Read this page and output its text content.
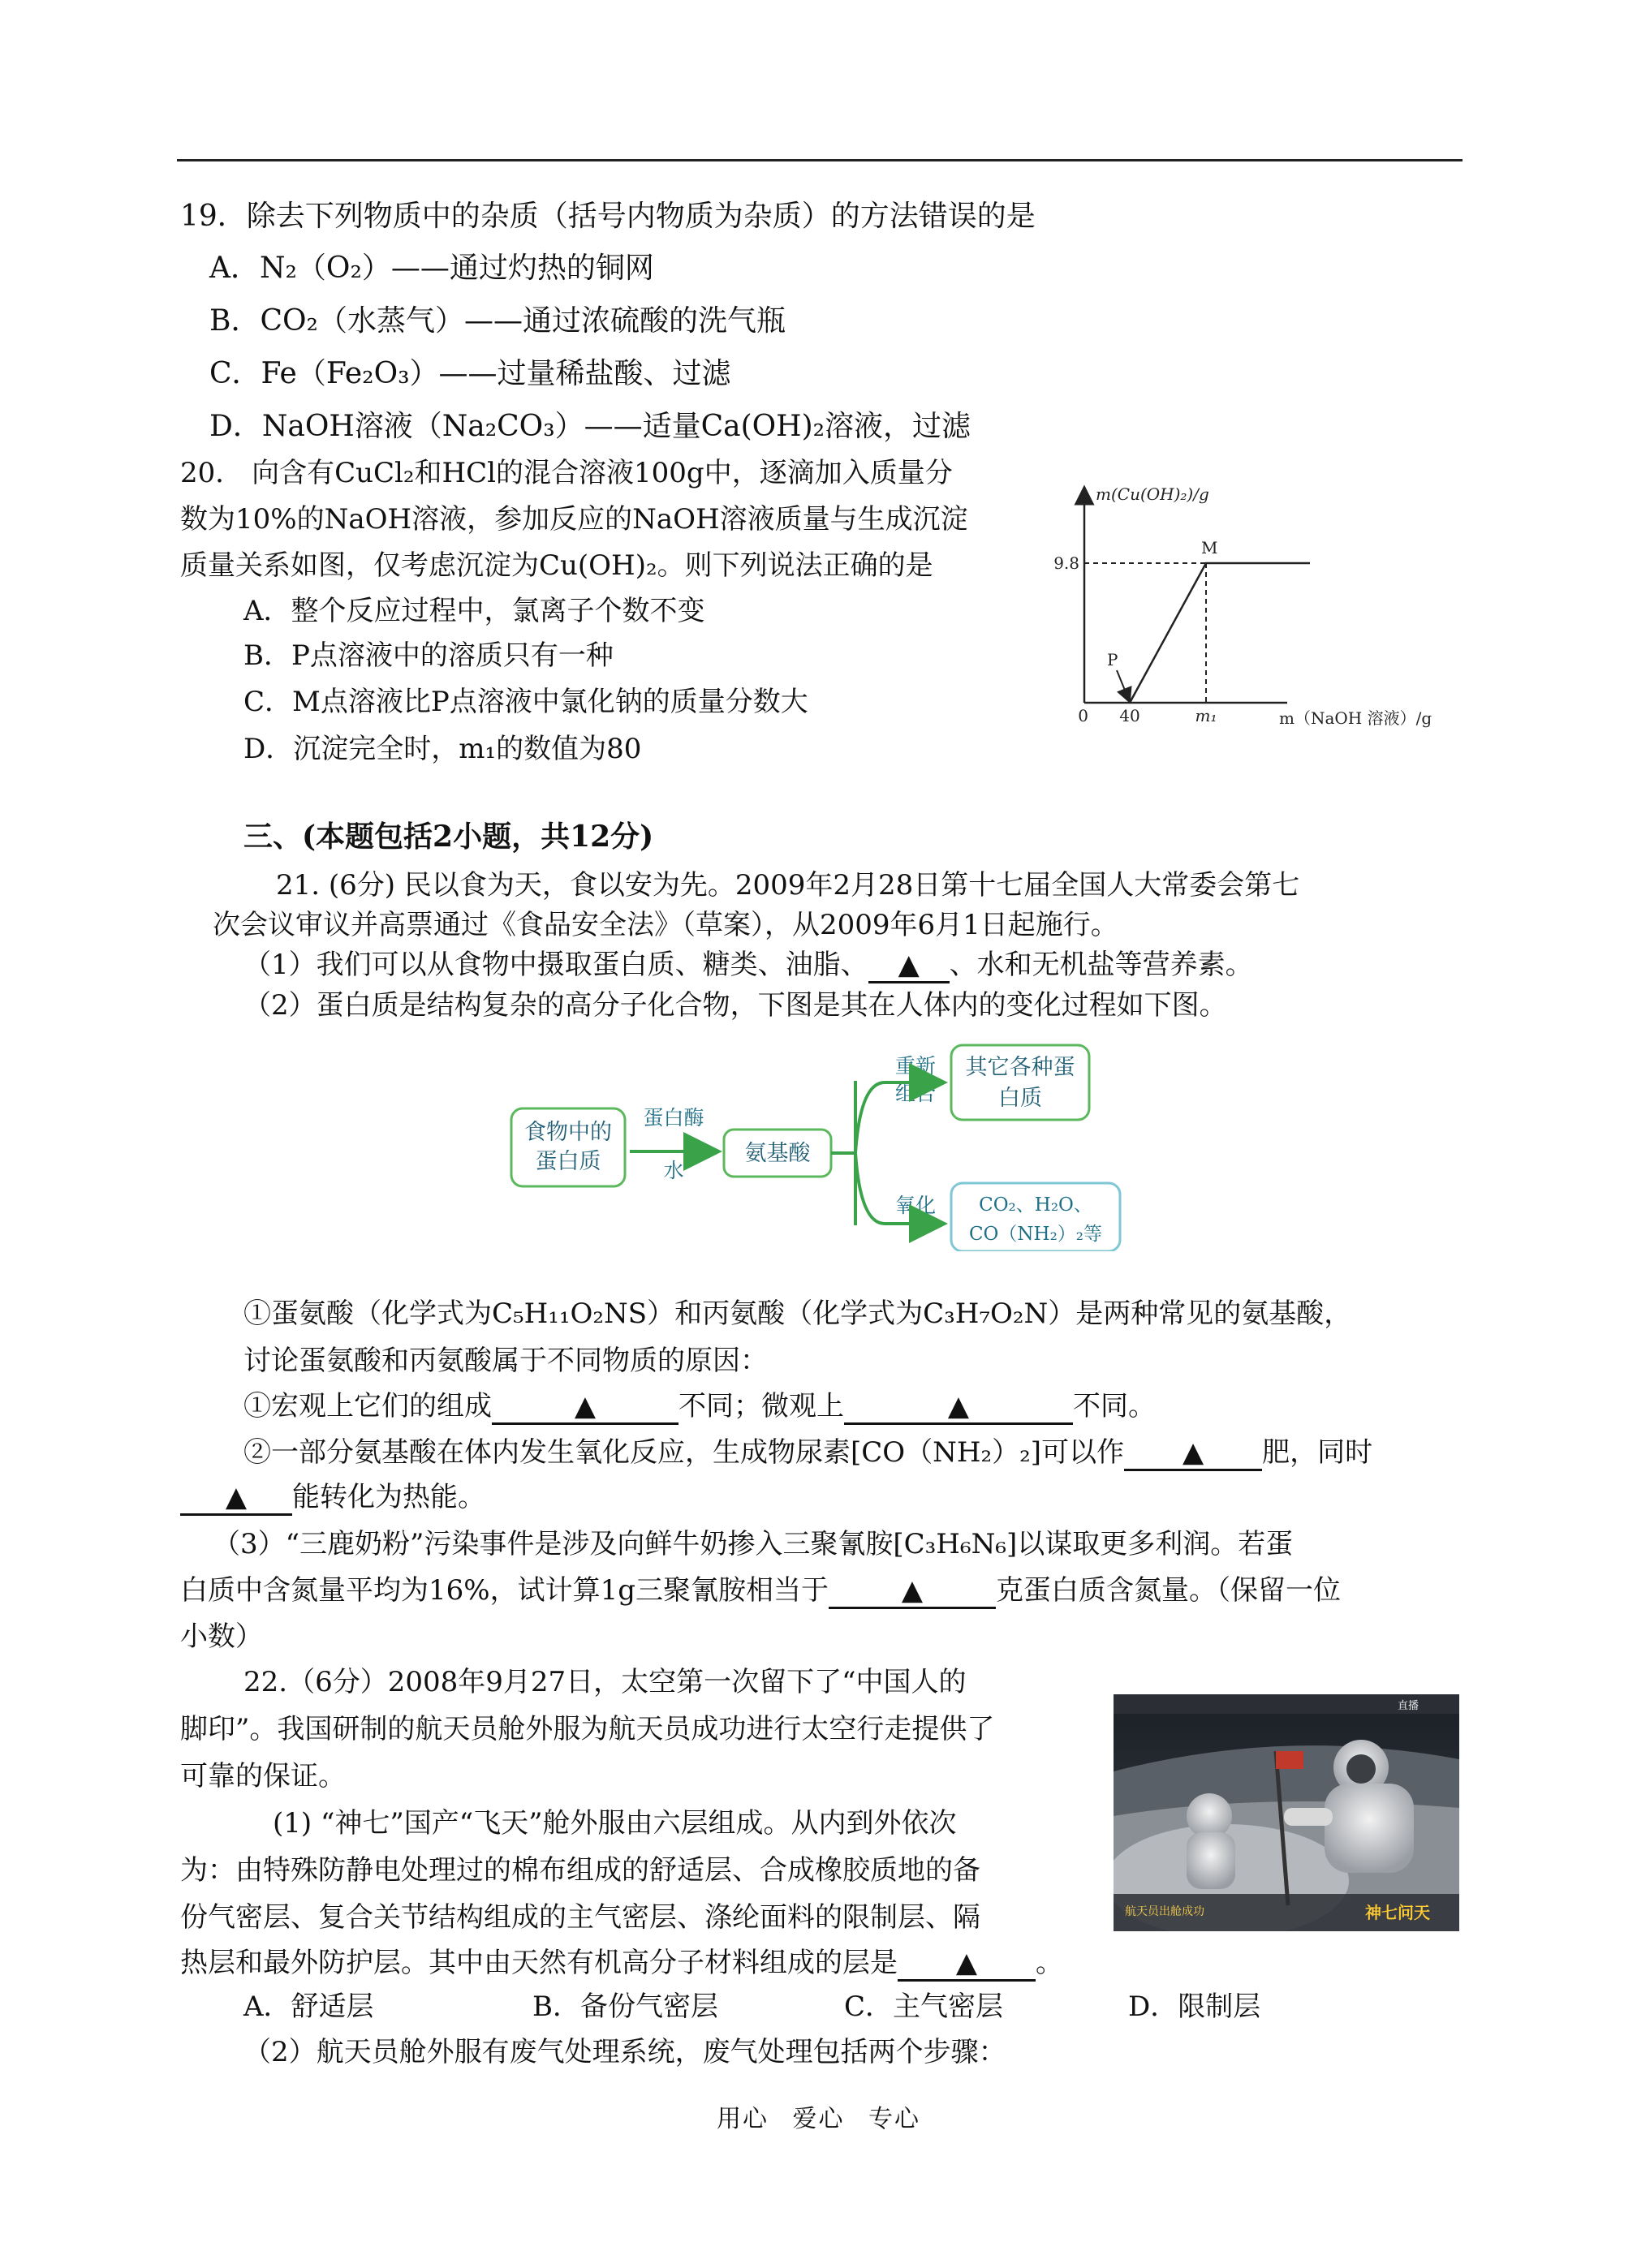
19．除去下列物质中的杂质（括号内物质为杂质）的方法错误的是
A．N₂（O₂）——通过灼热的铜网
B．CO₂（水蒸气）——通过浓硫酸的洗气瓶
C．Fe（Fe₂O₃）——过量稀盐酸、过滤
D．NaOH溶液（Na₂CO₃）——适量Ca(OH)₂溶液，过滤
20． 向含有CuCl₂和HCl的混合溶液100g中，逐滴加入质量分
数为10%的NaOH溶液，参加反应的NaOH溶液质量与生成沉淀
质量关系如图，仅考虑沉淀为Cu(OH)₂。则下列说法正确的是
A．整个反应过程中，氯离子个数不变
B．P点溶液中的溶质只有一种
C．M点溶液比P点溶液中氯化钠的质量分数大
D．沉淀完全时，m₁的数值为80
m(Cu(OH)₂)/g
m（NaOH 溶液）/g
0 40	m₁
9.8
P
M
三、(本题包括2小题，共12分)
21. (6分) 民以食为天，食以安为先。2009年2月28日第十七届全国人大常委会第七
次会议审议并高票通过《食品安全法》（草案），从2009年6月1日起施行。
（1）我们可以从食物中摄取蛋白质、糖类、油脂、 ▲ 、水和无机盐等营养素。
（2）蛋白质是结构复杂的高分子化合物，下图是其在人体内的变化过程如下图。
食物中的
蛋白质
蛋白酶
水
氨基酸
重新
组合
其它各种蛋
白质
氧化 CO₂、H₂O、
CO（NH₂）₂等
①蛋氨酸（化学式为C₅H₁₁O₂NS）和丙氨酸（化学式为C₃H₇O₂N）是两种常见的氨基酸，
讨论蛋氨酸和丙氨酸属于不同物质的原因：
①宏观上它们的组成	▲	不同；微观上	▲	不同。
②一部分氨基酸在体内发生氧化反应，生成物尿素[CO（NH₂）₂]可以作 ▲ 肥，同时
▲ 能转化为热能。
（3）“三鹿奶粉”污染事件是涉及向鲜牛奶掺入三聚氰胺[C₃H₆N₆]以谋取更多利润。若蛋
白质中含氮量平均为16%，试计算1g三聚氰胺相当于	▲	克蛋白质含氮量。（保留一位
小数）
22.（6分）2008年9月27日，太空第一次留下了“中国人的
脚印”。我国研制的航天员舱外服为航天员成功进行太空行走提供了
可靠的保证。
(1) “神七”国产“飞天”舱外服由六层组成。从内到外依次
为：由特殊防静电处理过的棉布组成的舒适层、合成橡胶质地的备
份气密层、复合关节结构组成的主气密层、涤纶面料的限制层、隔
热层和最外防护层。其中由天然有机高分子材料组成的层是 ▲ 。
A．舒适层	B．备份气密层	C．主气密层	D．限制层
（2）航天员舱外服有废气处理系统，废气处理包括两个步骤：
直播
航天员出舱成功	神七问天
用心 爱心 专心
